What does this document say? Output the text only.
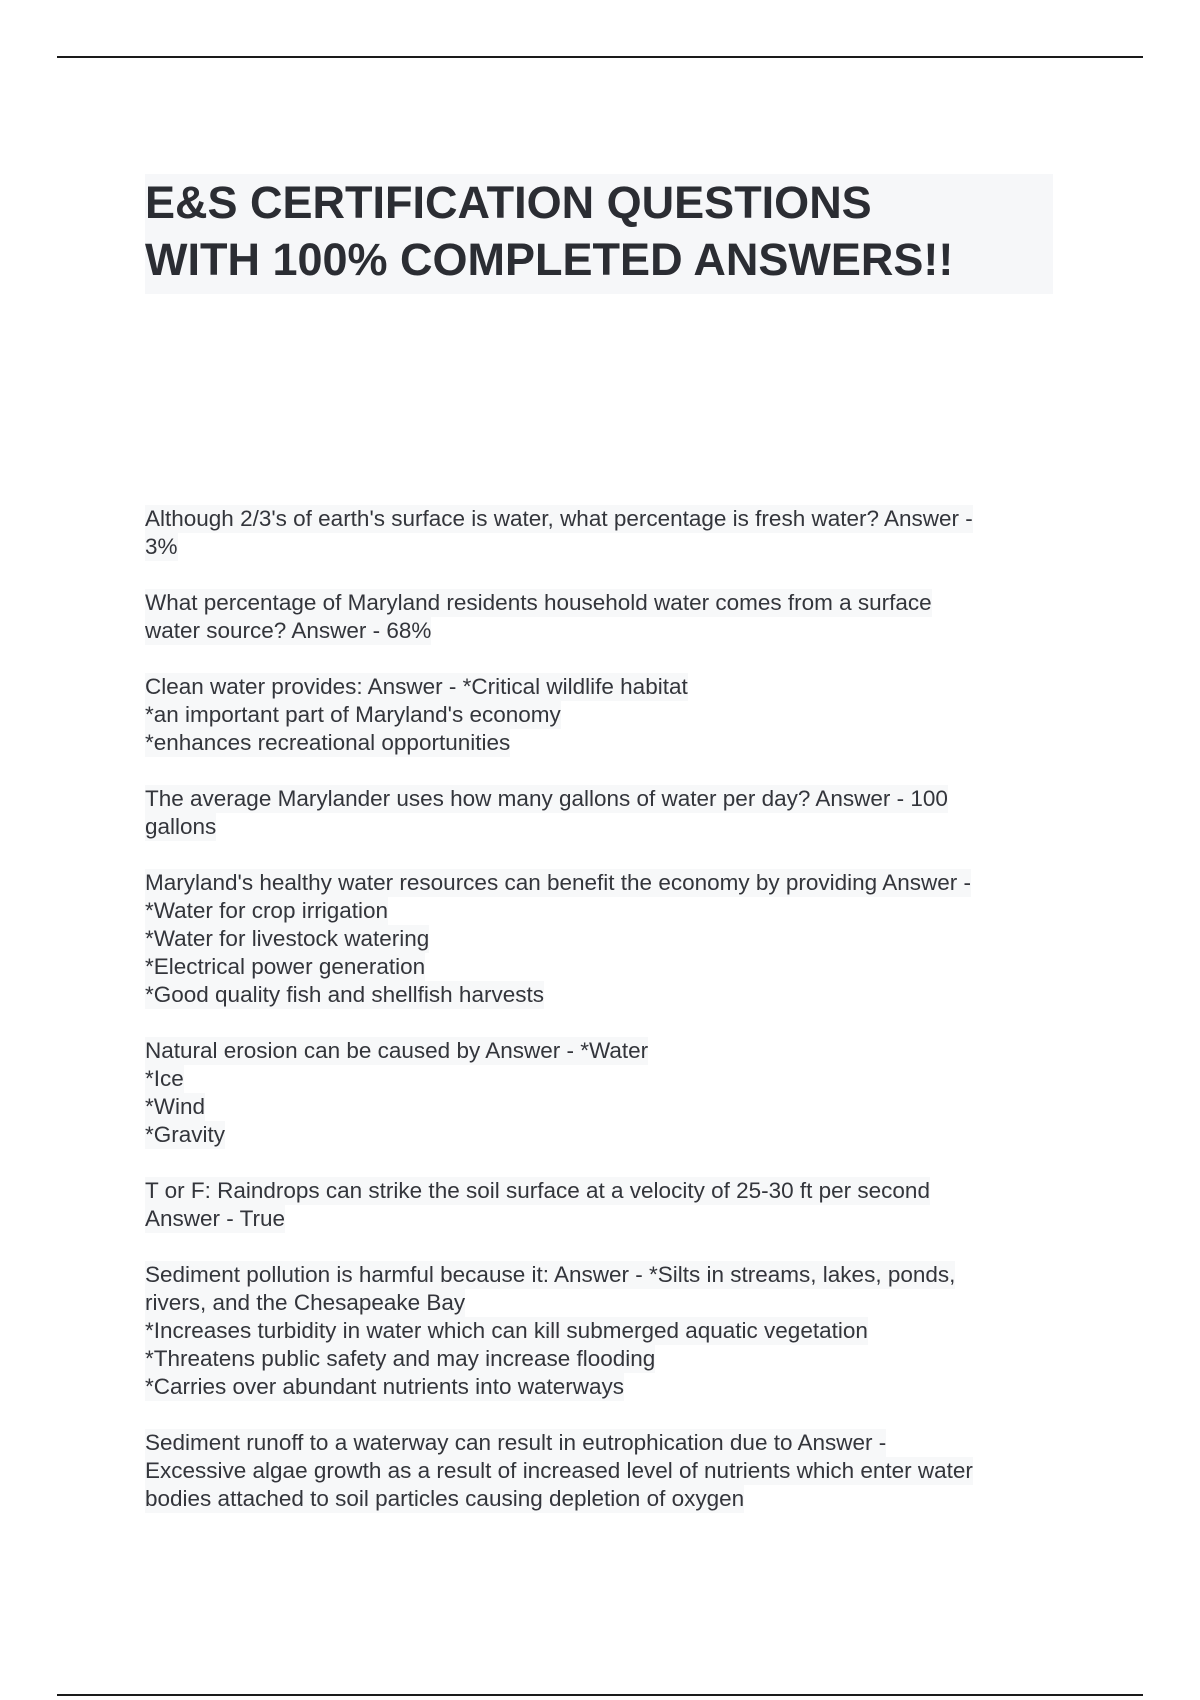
E&S CERTIFICATION QUESTIONS
WITH 100% COMPLETED ANSWERS!!
Although 2/3's of earth's surface is water, what percentage is fresh water? Answer -
3%
What percentage of Maryland residents household water comes from a surface
water source? Answer - 68%
Clean water provides: Answer - *Critical wildlife habitat
*an important part of Maryland's economy
*enhances recreational opportunities
The average Marylander uses how many gallons of water per day? Answer - 100
gallons
Maryland's healthy water resources can benefit the economy by providing Answer -
*Water for crop irrigation
*Water for livestock watering
*Electrical power generation
*Good quality fish and shellfish harvests
Natural erosion can be caused by Answer - *Water
*Ice
*Wind
*Gravity
T or F: Raindrops can strike the soil surface at a velocity of 25-30 ft per second
Answer - True
Sediment pollution is harmful because it: Answer - *Silts in streams, lakes, ponds,
rivers, and the Chesapeake Bay
*Increases turbidity in water which can kill submerged aquatic vegetation
*Threatens public safety and may increase flooding
*Carries over abundant nutrients into waterways
Sediment runoff to a waterway can result in eutrophication due to Answer -
Excessive algae growth as a result of increased level of nutrients which enter water
bodies attached to soil particles causing depletion of oxygen
